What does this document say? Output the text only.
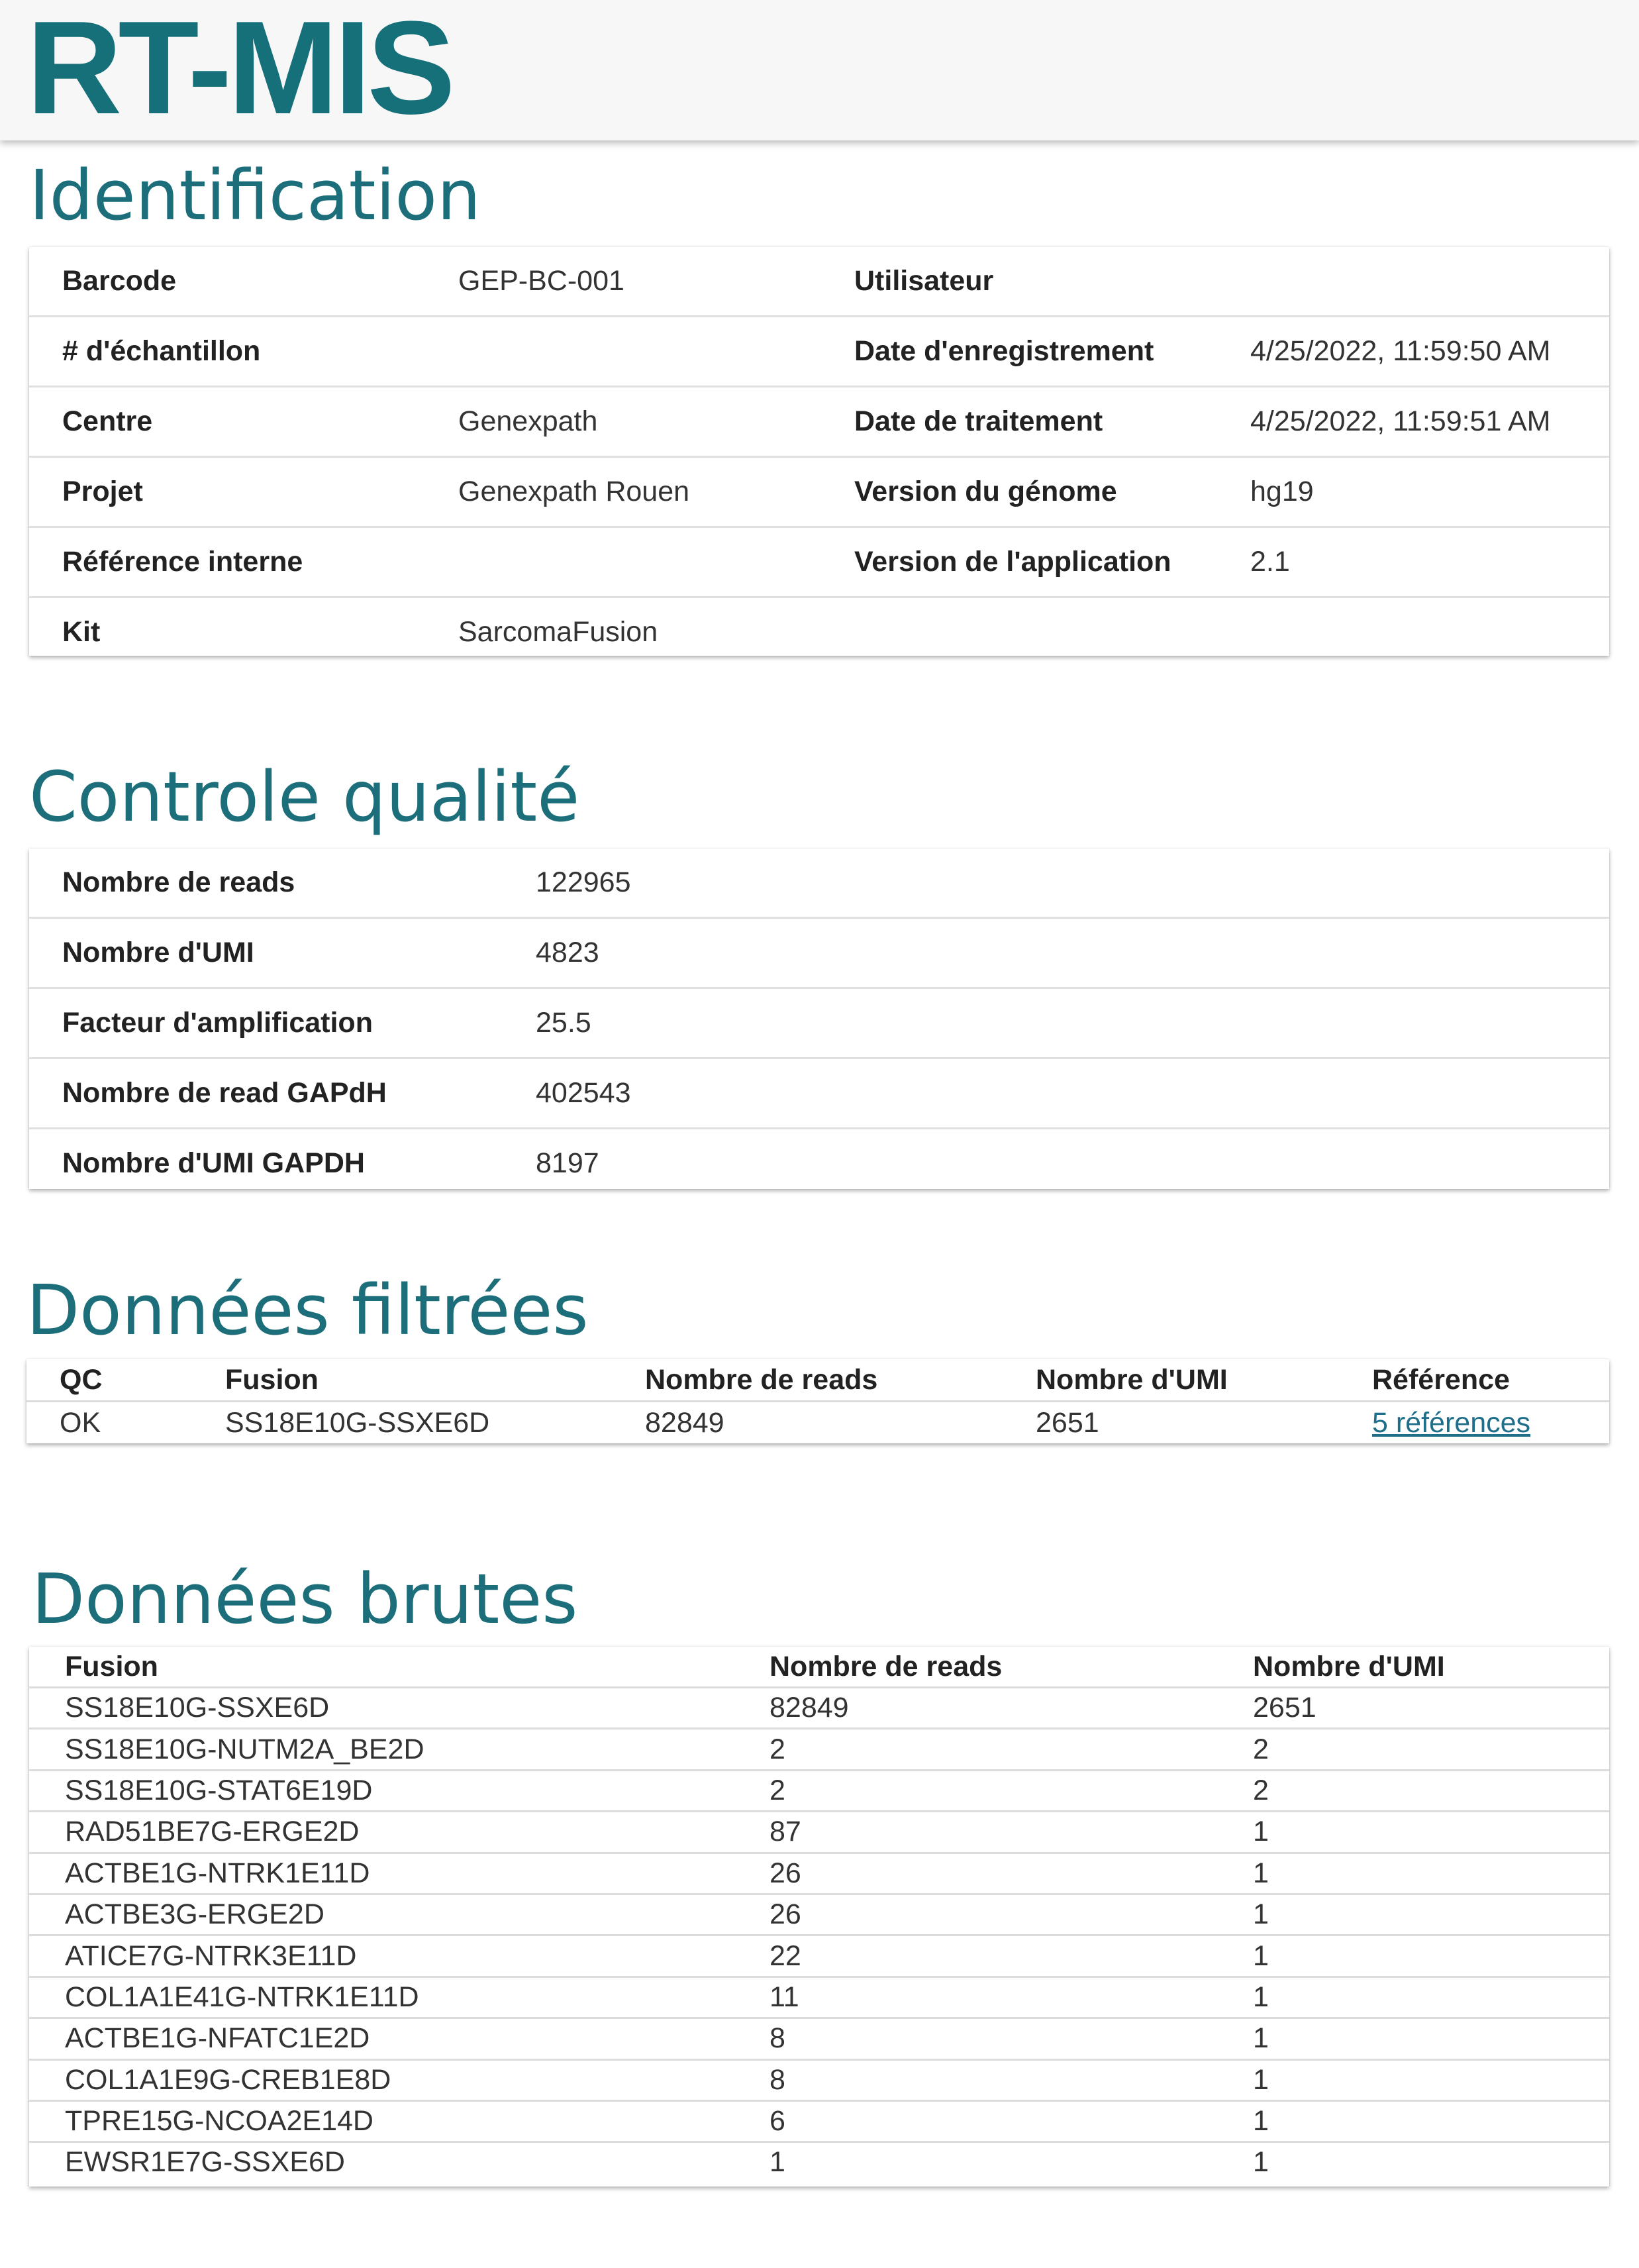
RT-MIS
Identification
Barcode	GEP-BC-001	Utilisateur	
# d'échantillon		Date d'enregistrement	4/25/2022, 11:59:50 AM
Centre	Genexpath	Date de traitement	4/25/2022, 11:59:51 AM
Projet	Genexpath Rouen	Version du génome	hg19
Référence interne		Version de l'application	2.1
Kit	SarcomaFusion		
Controle qualité
Nombre de reads	122965
Nombre d'UMI	4823
Facteur d'amplification	25.5
Nombre de read GAPdH	402543
Nombre d'UMI GAPDH	8197
Données filtrées
QC	Fusion	Nombre de reads	Nombre d'UMI	Référence
OK	SS18E10G-SSXE6D	82849	2651	5 références
Données brutes
Fusion	Nombre de reads	Nombre d'UMI
SS18E10G-SSXE6D	82849	2651
SS18E10G-NUTM2A_BE2D	2	2
SS18E10G-STAT6E19D	2	2
RAD51BE7G-ERGE2D	87	1
ACTBE1G-NTRK1E11D	26	1
ACTBE3G-ERGE2D	26	1
ATICE7G-NTRK3E11D	22	1
COL1A1E41G-NTRK1E11D	11	1
ACTBE1G-NFATC1E2D	8	1
COL1A1E9G-CREB1E8D	8	1
TPRE15G-NCOA2E14D	6	1
EWSR1E7G-SSXE6D	1	1
